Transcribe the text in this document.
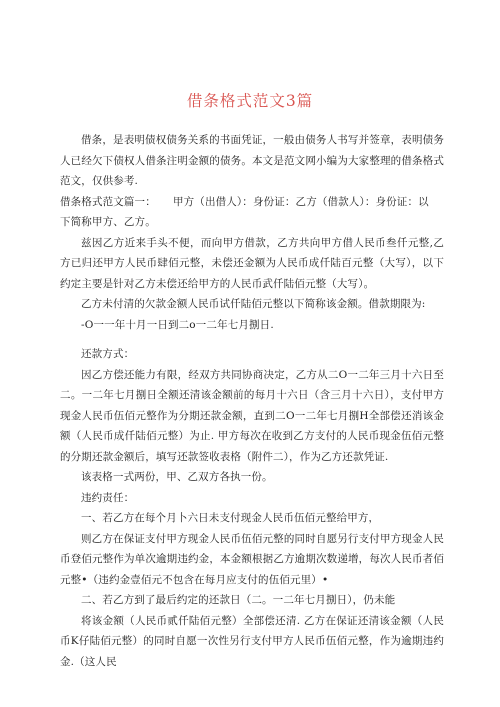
借条格式范文3篇

借条，是表明债权债务关系的书面凭证，一般由债务人书写并签章，表明债务人已经欠下债权人借条注明金额的债务。本文是范文网小编为大家整理的借条格式范文，仅供参考.

借条格式范文篇一：	甲方（出借人）：身份证：乙方（借款人）：身份证：以

下简称甲方、乙方。

兹因乙方近来手头不便，而向甲方借款，乙方共向甲方借人民币叁仟元整,乙方已归还甲方人民币肆佰元整，未偿还金额为人民币成仟陆百元整（大写），以下约定主要是针对乙方未偿还给甲方的人民币武仟陆佰元整（大写）。

乙方未付清的欠款金额人民币试仟陆佰元整以下简称该金额。借款期限为:

-O一一年十月一日到二o一二年七月捌日.

还款方式：

因乙方偿还能力有限，经双方共同协商决定，乙方从二O一二年三月十六日至二。一二年七月捌日全额还清该金额前的每月十六日（含三月十六日），支付甲方现金人民币伍佰元整作为分期还款金额，直到二O一二年七月捌H全部偿还消该金额（人民币成仟陆佰元整）为止. 甲方每次在收到乙方支付的人民币现金伍佰元整的分期还款金额后，填写还款签收表格（附件二），作为乙方还款凭证.

该表格一式两份，甲、乙双方各执一份。

违约责任：

一、若乙方在每个月卜六日未支付现金人民币伍佰元整给甲方，

则乙方在保证支付甲方现金人民币伍佰元整的同时自愿另行支付甲方现金人民币登佰元整作为单次逾期违约金，本金额根据乙方逾期次数递增，每次人民币者佰元整•（违约金壹佰元不包含在每月应支付的伍佰元里）•

二、若乙方到了最后约定的还款日（二。一二年七月捌日），仍未能

将该金额（人民币贰仟陆佰元整）全部偿还清. 乙方在保证还清该金额（人民币K仔陆佰元整）的同时自愿一次性另行支付甲方人民币伍佰元整，作为逾期违约金.（这人民
